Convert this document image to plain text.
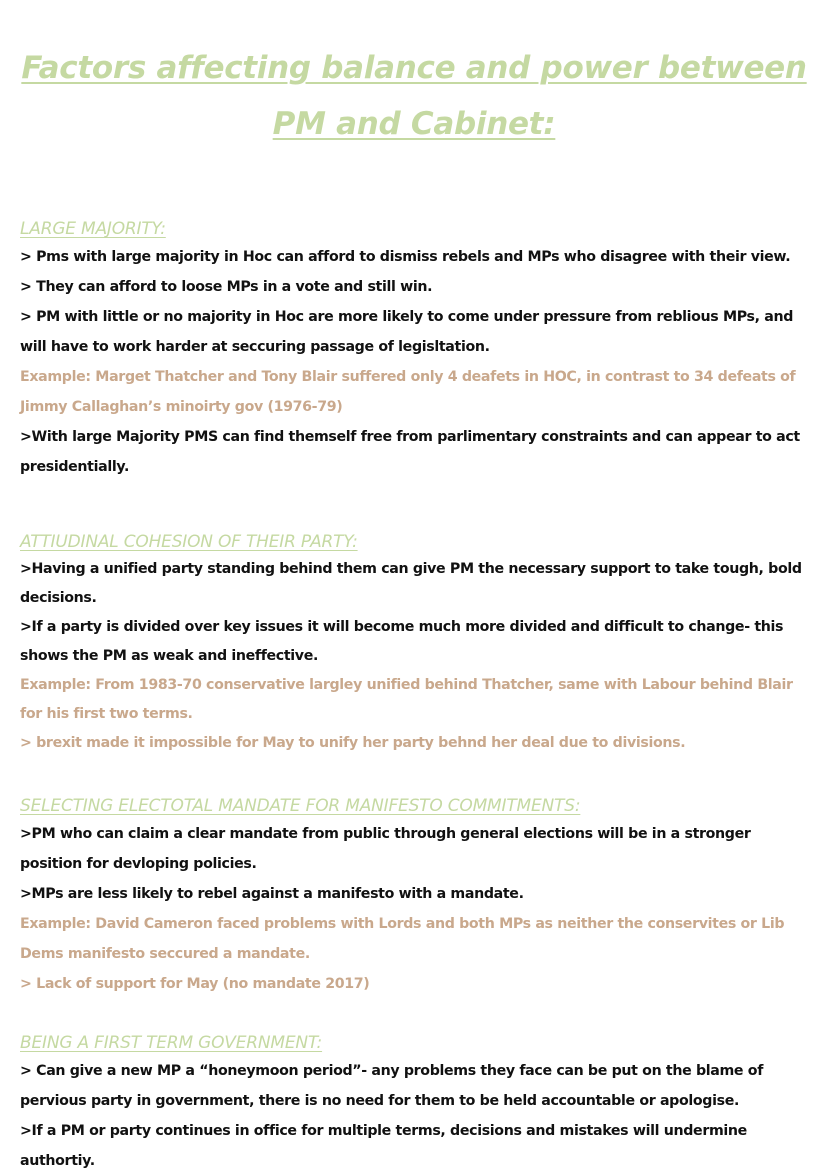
Factors affecting balance and power between PM and Cabinet:
LARGE MAJORITY:
> Pms with large majority in Hoc can afford to dismiss rebels and MPs who disagree with their view.
> They can afford to loose MPs in a vote and still win.
> PM with little or no majority in Hoc are more likely to come under pressure from reblious MPs, and will have to work harder at seccuring passage of legisltation.
Example: Marget Thatcher and Tony Blair suffered only 4 deafets in HOC, in contrast to 34 defeats of Jimmy Callaghan’s minoirty gov (1976-79)
>With large Majority PMS can find themself free from parlimentary constraints and can appear to act presidentially.
ATTIUDINAL COHESION OF THEIR PARTY:
>Having a unified party standing behind them can give PM the necessary support to take tough, bold decisions.
>If a party is divided over key issues it will become much more divided and difficult to change- this shows the PM as weak and ineffective.
Example: From 1983-70 conservative largley unified behind Thatcher, same with Labour behind Blair for his first two terms.
> brexit made it impossible for May to unify her party behnd her deal due to divisions.
SELECTING ELECTOTAL MANDATE FOR MANIFESTO COMMITMENTS:
>PM who can claim a clear mandate from public through general elections will be in a stronger position for devloping policies.
>MPs are less likely to rebel against a manifesto with a mandate.
Example: David Cameron faced problems with Lords and both MPs as neither the conservites or Lib Dems manifesto seccured a mandate.
> Lack of support for May (no mandate 2017)
BEING A FIRST TERM GOVERNMENT:
> Can give a new MP a “honeymoon period”- any problems they face can be put on the blame of pervious party in government, there is no need for them to be held accountable or apologise.
>If a PM or party continues in office for multiple terms, decisions and mistakes will undermine authortiy.
